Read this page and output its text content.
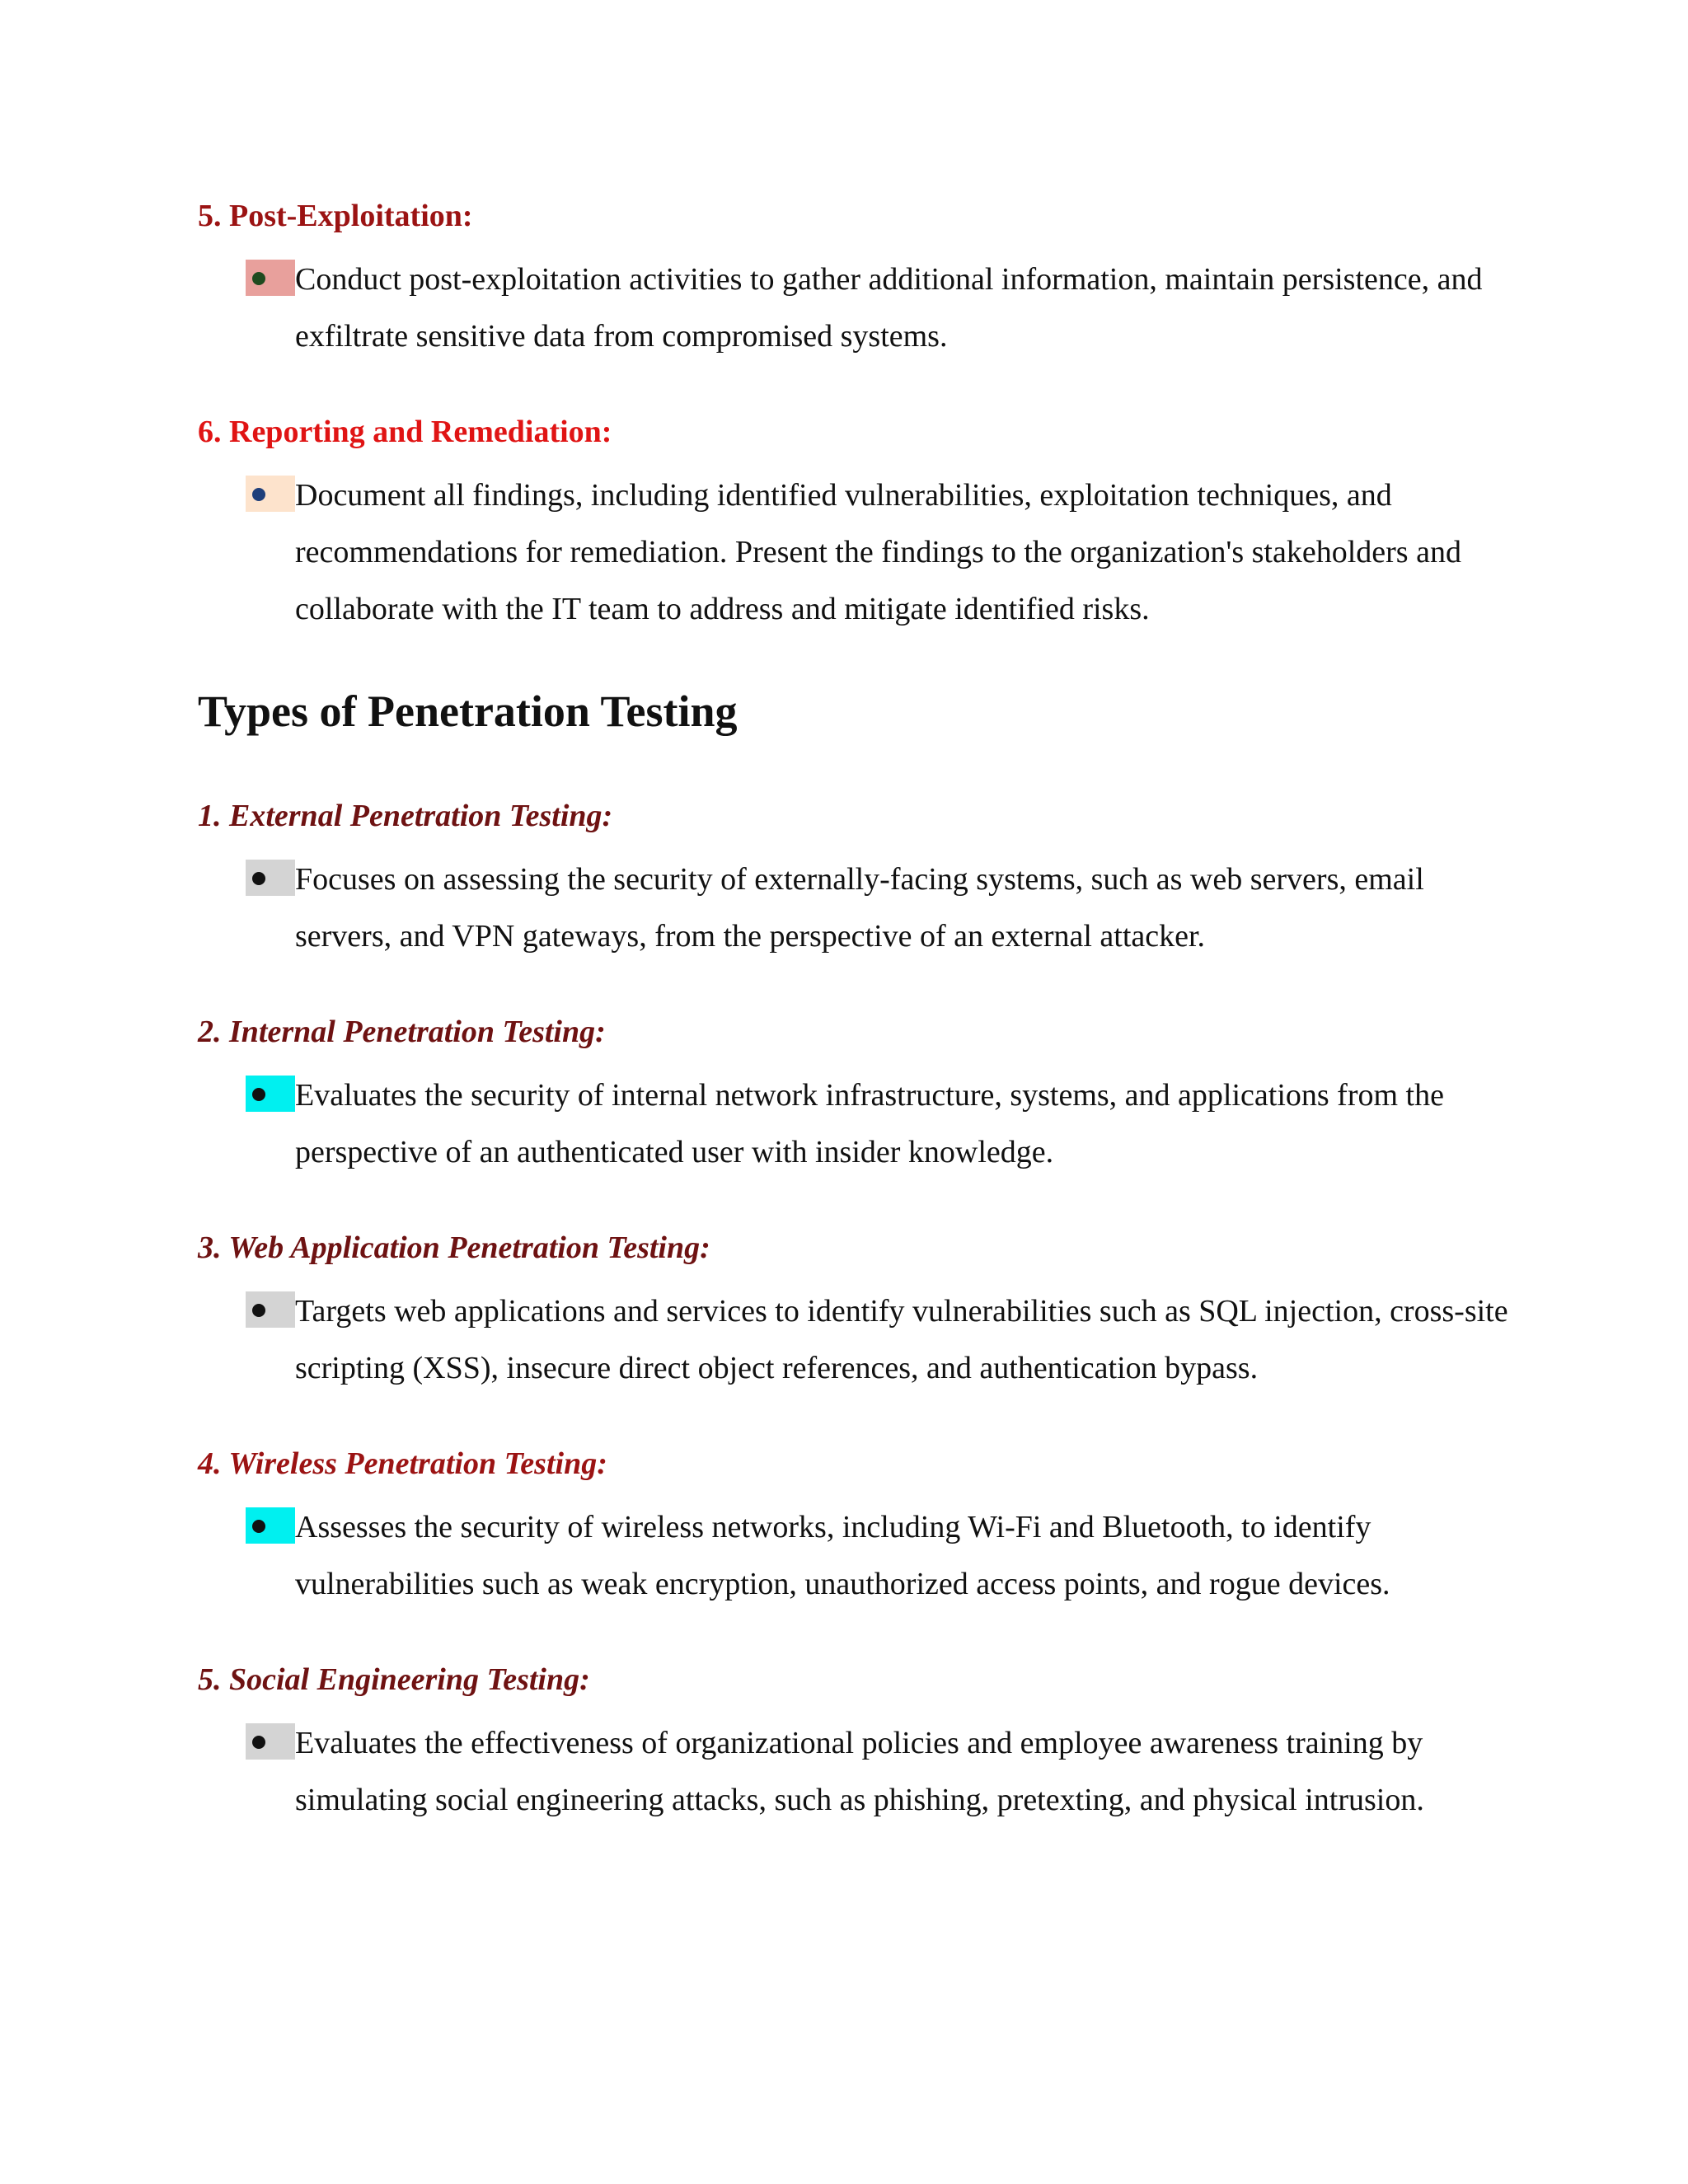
5. Post-Exploitation:
Conduct post-exploitation activities to gather additional information, maintain persistence, and exfiltrate sensitive data from compromised systems.
6. Reporting and Remediation:
Document all findings, including identified vulnerabilities, exploitation techniques, and recommendations for remediation. Present the findings to the organization's stakeholders and collaborate with the IT team to address and mitigate identified risks.
Types of Penetration Testing
1. External Penetration Testing:
Focuses on assessing the security of externally-facing systems, such as web servers, email servers, and VPN gateways, from the perspective of an external attacker.
2. Internal Penetration Testing:
Evaluates the security of internal network infrastructure, systems, and applications from the perspective of an authenticated user with insider knowledge.
3. Web Application Penetration Testing:
Targets web applications and services to identify vulnerabilities such as SQL injection, cross-site scripting (XSS), insecure direct object references, and authentication bypass.
4. Wireless Penetration Testing:
Assesses the security of wireless networks, including Wi-Fi and Bluetooth, to identify vulnerabilities such as weak encryption, unauthorized access points, and rogue devices.
5. Social Engineering Testing:
Evaluates the effectiveness of organizational policies and employee awareness training by simulating social engineering attacks, such as phishing, pretexting, and physical intrusion.
